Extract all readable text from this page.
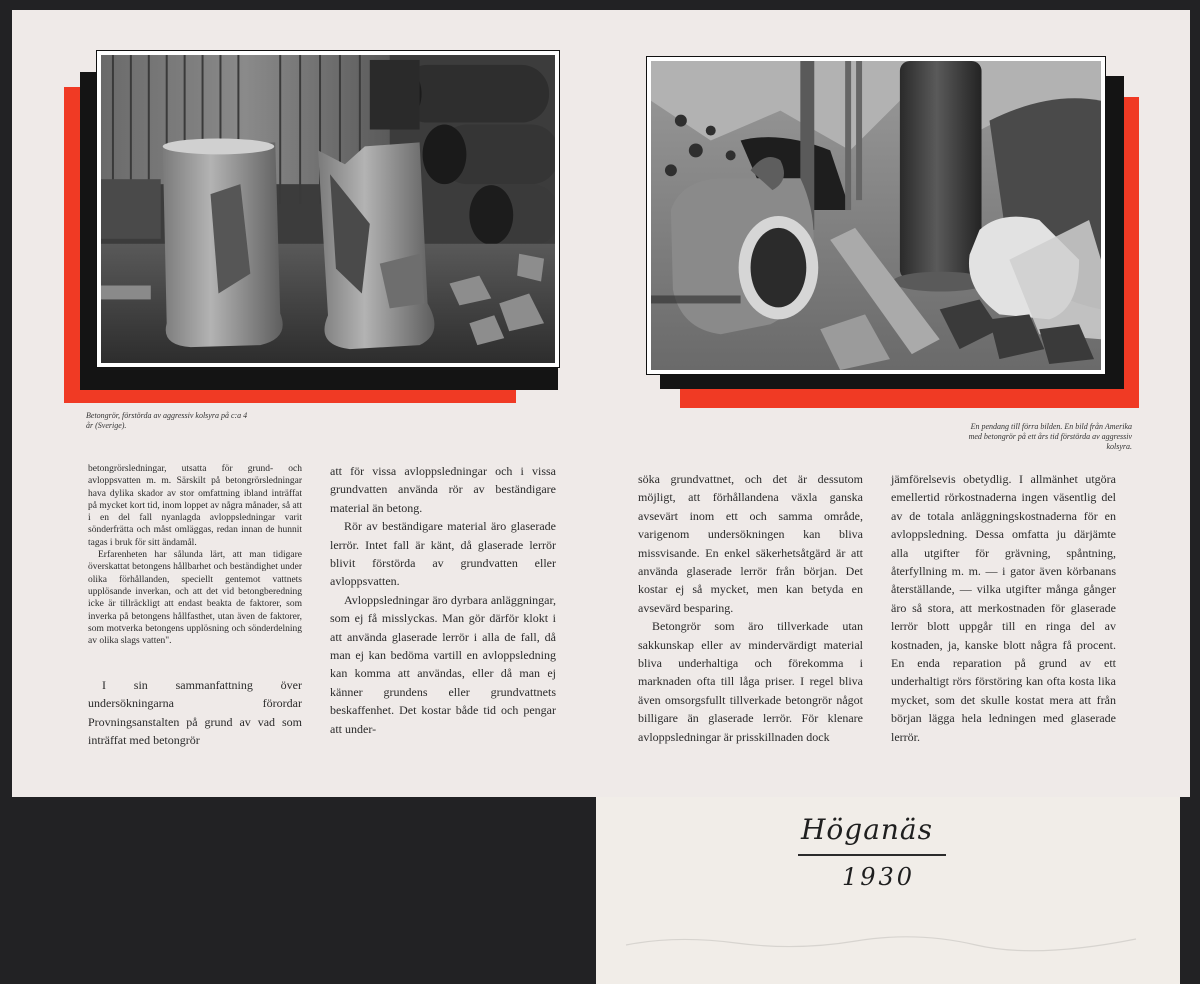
Betongrör, förstörda av aggressiv kolsyra på c:a 4 år (Sverige).	En pendang till förra bilden. En bild från Amerika med betongrör på ett års tid förstörda av aggressiv kolsyra.

betongrörsledningar, utsatta för grund- och avloppsvatten m. m. Särskilt på betongrörsledningar hava dylika skador av stor omfattning ibland inträffat på mycket kort tid, inom loppet av några månader, så att i en del fall nyanlagda avloppsledningar varit sönderfrätta och måst omläggas, redan innan de hunnit tagas i bruk för sitt ändamål.

Erfarenheten har sålunda lärt, att man tidigare överskattat betongens hållbarhet och beständighet under olika förhållanden, speciellt gentemot vattnets upplösande inverkan, och att det vid betongberedning icke är tillräckligt att endast beakta de faktorer, som inverka på betongens hållfasthet, utan även de faktorer, som motverka betongens upplösning och sönderdelning av olika slags vatten".

I sin sammanfattning över undersökningarna förordar Provningsanstalten på grund av vad som inträffat med betongrör

att för vissa avloppsledningar och i vissa grundvatten använda rör av beständigare material än betong.

Rör av beständigare material äro glaserade lerrör. Intet fall är känt, då glaserade lerrör blivit förstörda av grundvatten eller avloppsvatten.

Avloppsledningar äro dyrbara anläggningar, som ej få misslyckas. Man gör därför klokt i att använda glaserade lerrör i alla de fall, då man ej kan bedöma vartill en avloppsledning kan komma att användas, eller då man ej känner grundens eller grundvattnets beskaffenhet. Det kostar både tid och pengar att under-

söka grundvattnet, och det är dessutom möjligt, att förhållandena växla ganska avsevärt inom ett och samma område, varigenom undersökningen kan bliva missvisande. En enkel säkerhetsåtgärd är att använda glaserade lerrör från början. Det kostar ej så mycket, men kan betyda en avsevärd besparing.

Betongrör som äro tillverkade utan sakkunskap eller av mindervärdigt material bliva underhaltiga och förekomma i marknaden ofta till låga priser. I regel bliva även omsorgsfullt tillverkade betongrör något billigare än glaserade lerrör. För klenare avloppsledningar är prisskillnaden dock

jämförelsevis obetydlig. I allmänhet utgöra emellertid rörkostnaderna ingen väsentlig del av de totala anläggningskostnaderna för en avloppsledning. Dessa omfatta ju därjämte alla utgifter för grävning, spåntning, återfyllning m. m. — i gator även körbanans återställande, — vilka utgifter många gånger äro så stora, att merkostnaden för glaserade lerrör blott uppgår till en ringa del av kostnaden, ja, kanske blott några få procent. En enda reparation på grund av ett underhaltigt rörs förstöring kan ofta kosta lika mycket, som det skulle kostat mera att från början lägga hela ledningen med glaserade lerrör.

Höganäs
1930
